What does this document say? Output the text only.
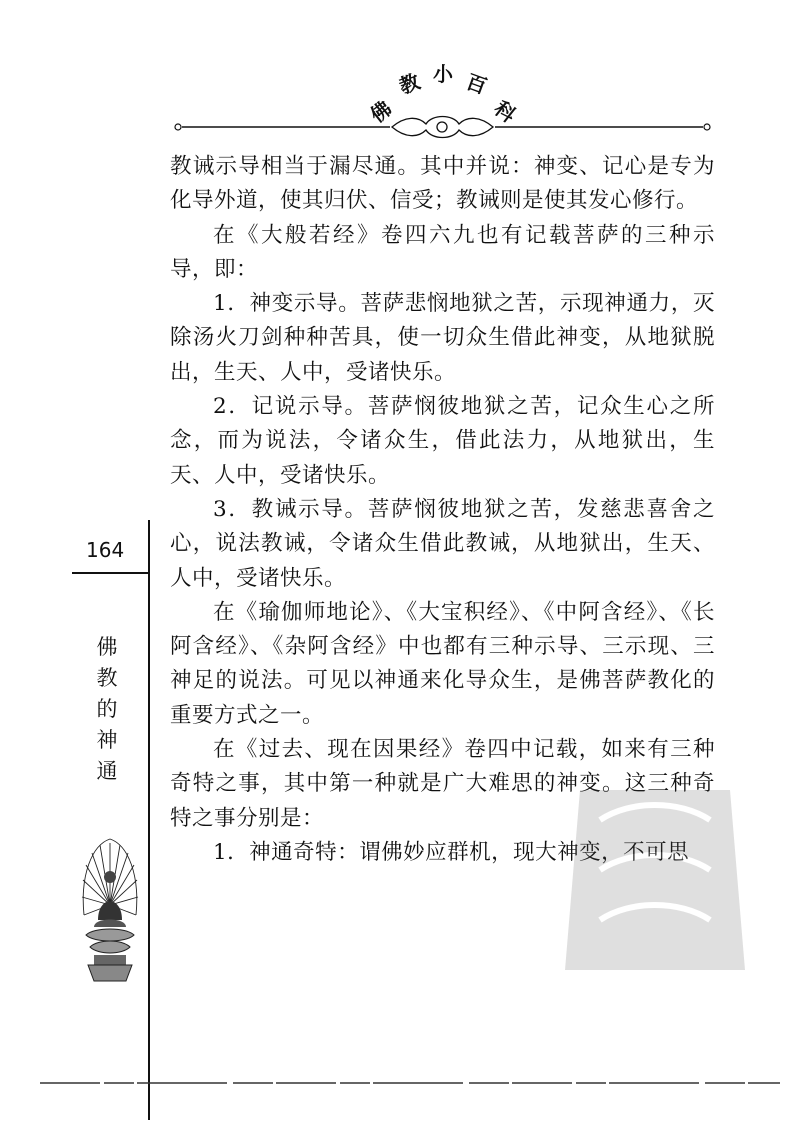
佛
教 小 百
科

教诫示导相当于漏尽通。其中并说：神变、记心是专为化导外道，使其归伏、信受；教诫则是使其发心修行。

在《大般若经》卷四六九也有记载菩萨的三种示导，即：

1．神变示导。菩萨悲悯地狱之苦，示现神通力，灭除汤火刀剑种种苦具，使一切众生借此神变，从地狱脱出，生天、人中，受诸快乐。

2．记说示导。菩萨悯彼地狱之苦，记众生心之所念，而为说法，令诸众生，借此法力，从地狱出，生天、人中，受诸快乐。

3．教诫示导。菩萨悯彼地狱之苦，发慈悲喜舍之心，说法教诫，令诸众生借此教诫，从地狱出，生天、人中，受诸快乐。

在《瑜伽师地论》、《大宝积经》、《中阿含经》、《长阿含经》、《杂阿含经》中也都有三种示导、三示现、三神足的说法。可见以神通来化导众生，是佛菩萨教化的重要方式之一。

在《过去、现在因果经》卷四中记载，如来有三种奇特之事，其中第一种就是广大难思的神变。这三种奇特之事分别是：

1．神通奇特：谓佛妙应群机，现大神变，不可思

164
佛教的神通
